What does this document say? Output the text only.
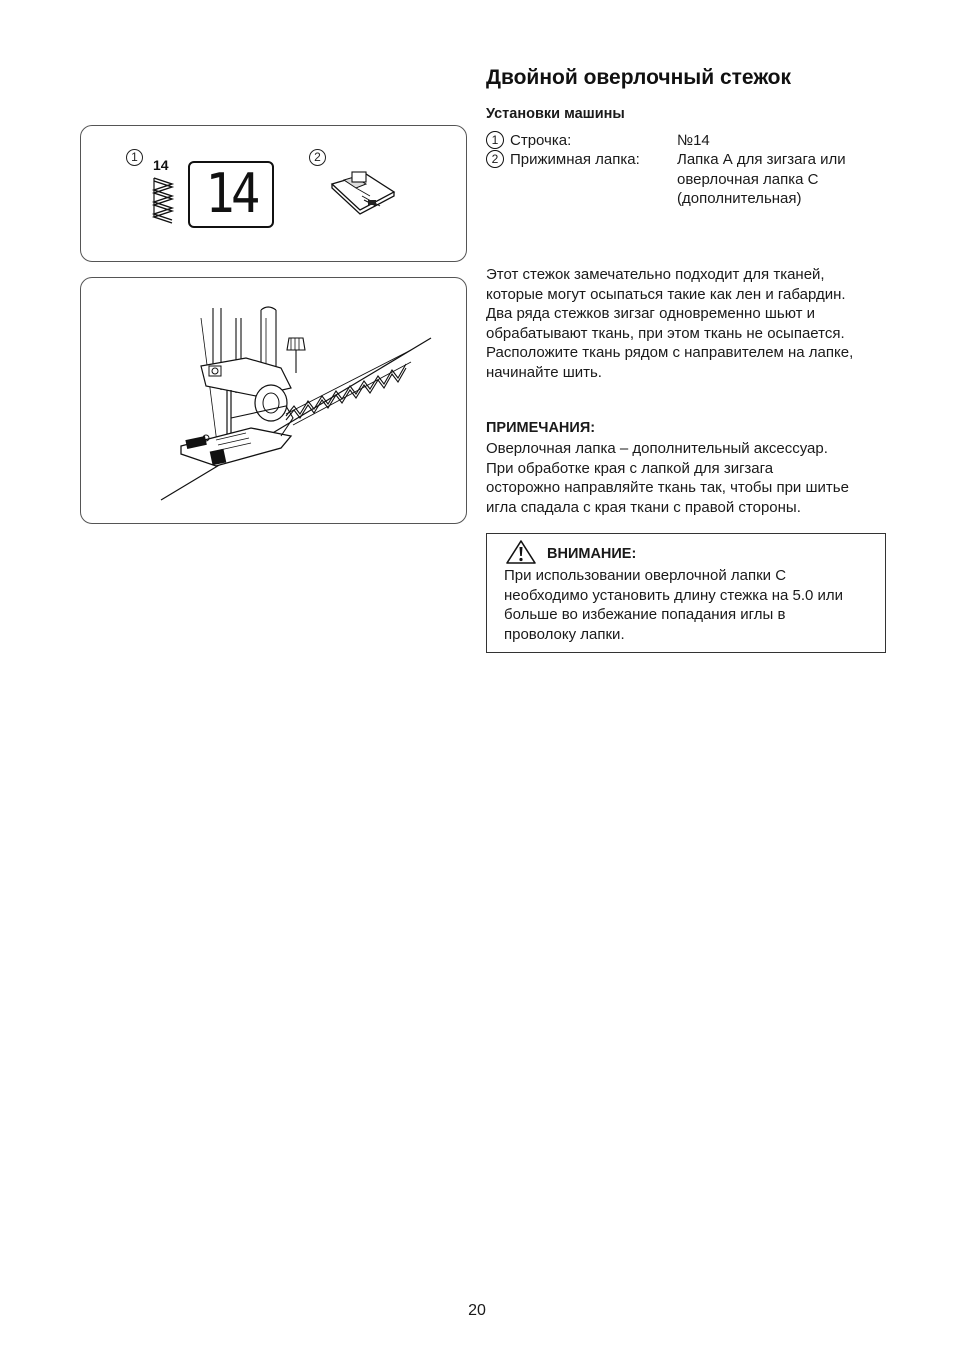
1	14 14
2
Двойной оверлочный стежок
Установки машины
1 Строчка:	№14
2 Прижимная лапка: Лапка А для зигзага или
оверлочная лапка С
(дополнительная)
Этот стежок замечательно подходит для тканей,
которые могут осыпаться такие как лен и габардин.
Два ряда стежков зигзаг одновременно шьют и
обрабатывают ткань, при этом ткань не осыпается.
Расположите ткань рядом с направителем на лапке,
начинайте шить.
ПРИМЕЧАНИЯ:
Оверлочная лапка – дополнительный аксессуар.
При обработке края с лапкой для зигзага
осторожно направляйте ткань так, чтобы при шитье
игла спадала с края ткани с правой стороны.
ВНИМАНИЕ:
При использовании оверлочной лапки С
необходимо установить длину стежка на 5.0 или
больше во избежание попадания иглы в
проволоку лапки.
20
